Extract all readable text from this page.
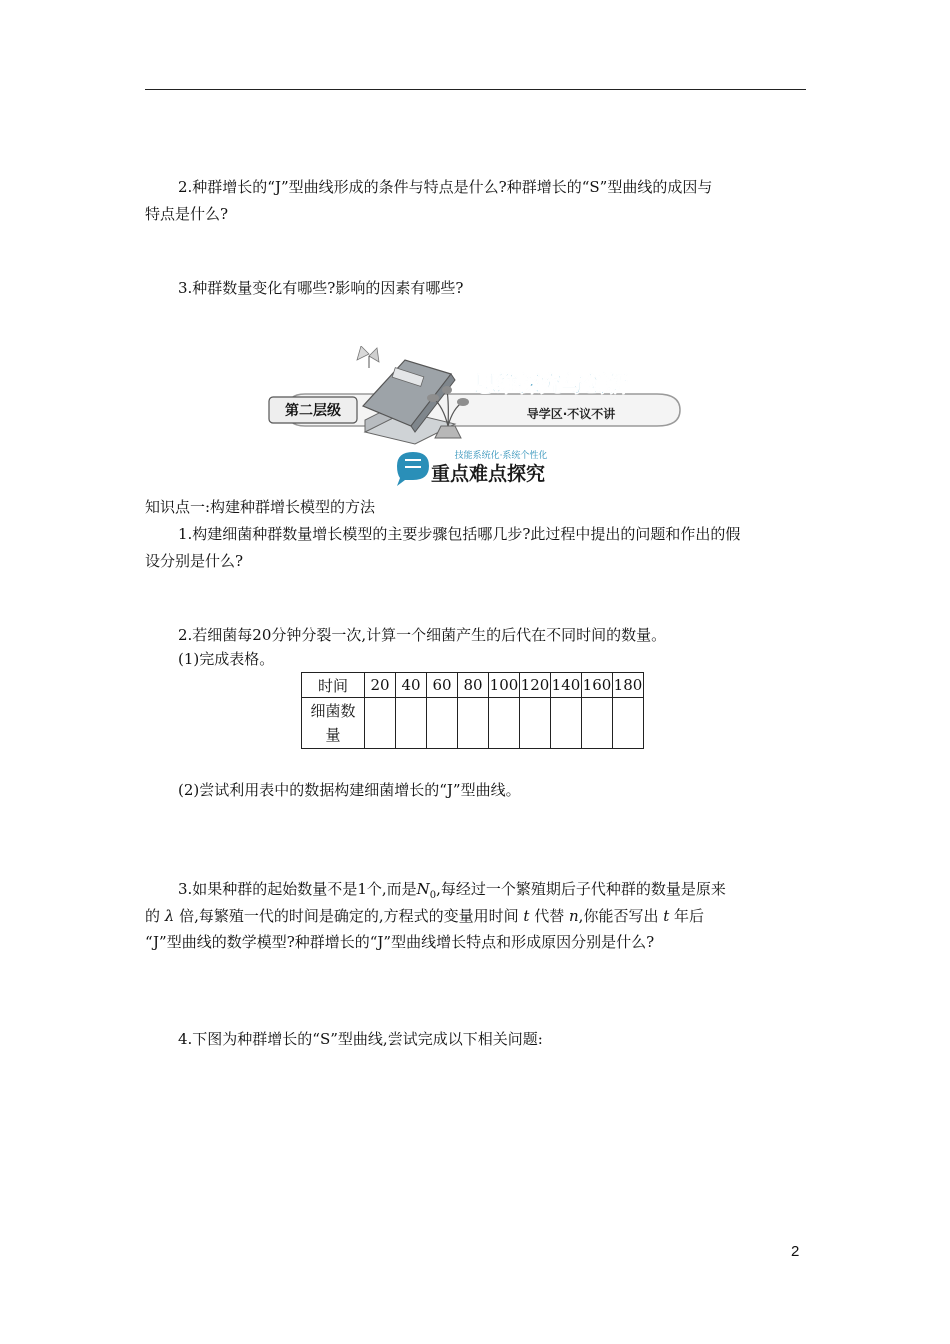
2.种群增长的“J”型曲线形成的条件与特点是什么?种群增长的“S”型曲线的成因与

特点是什么?

3.种群数量变化有哪些?影响的因素有哪些?

第二层级
思维探究与创新
导学区·不议不讲
技能系统化·系统个性化
重点难点探究

知识点一:构建种群增长模型的方法

1.构建细菌种群数量增长模型的主要步骤包括哪几步?此过程中提出的问题和作出的假

设分别是什么?

2.若细菌每20分钟分裂一次,计算一个细菌产生的后代在不同时间的数量。

(1)完成表格。

时间	20	40	60	80	100	120	140	160	180

细菌数
量									

(2)尝试利用表中的数据构建细菌增长的“J”型曲线。

3.如果种群的起始数量不是1个,而是$N_0$,每经过一个繁殖期后子代种群的数量是原来

的 λ 倍,每繁殖一代的时间是确定的,方程式的变量用时间 t 代替 n,你能否写出 t 年后

“J”型曲线的数学模型?种群增长的“J”型曲线增长特点和形成原因分别是什么?

4.下图为种群增长的“S”型曲线,尝试完成以下相关问题:

2
